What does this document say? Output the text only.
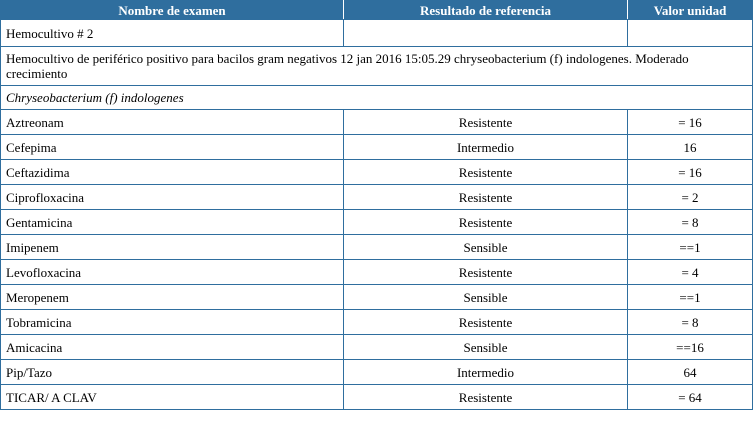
Nombre de examen	Resultado de referencia	Valor unidad
Hemocultivo # 2		
Hemocultivo de periférico positivo para bacilos gram negativos 12 jan 2016 15:05.29 chryseobacterium (f) indologenes. Moderado crecimiento		
Chryseobacterium (f) indologenes		
Aztreonam	Resistente	= 16
Cefepima	Intermedio	16
Ceftazidima	Resistente	= 16
Ciprofloxacina	Resistente	= 2
Gentamicina	Resistente	= 8
Imipenem	Sensible	==1
Levofloxacina	Resistente	= 4
Meropenem	Sensible	==1
Tobramicina	Resistente	= 8
Amicacina	Sensible	==16
Pip/Tazo	Intermedio	64
TICAR/ A CLAV	Resistente	= 64
